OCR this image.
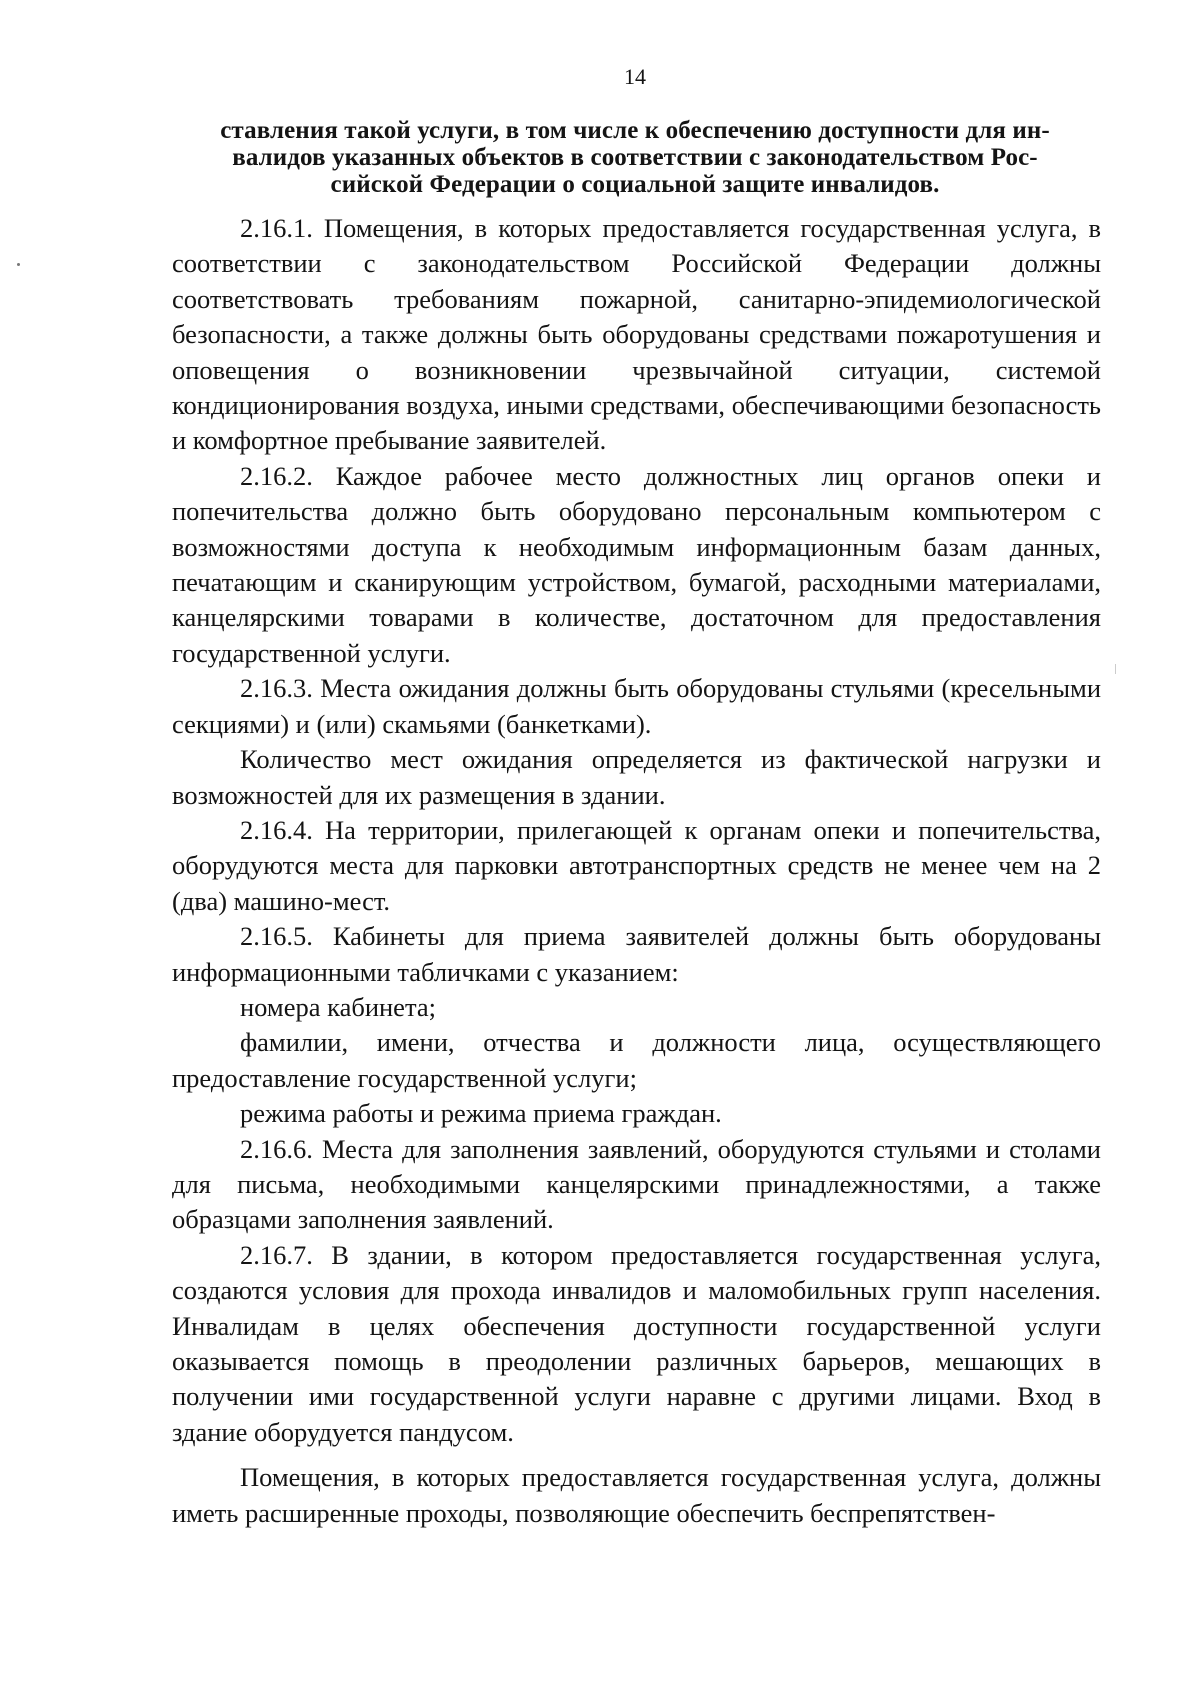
14
ставления такой услуги, в том числе к обеспечению доступности для ин-
валидов указанных объектов в соответствии с законодательством Рос-
сийской Федерации о социальной защите инвалидов.

2.16.1. Помещения, в которых предоставляется государственная услуга, в соответствии с законодательством Российской Федерации должны соответствовать требованиям пожарной, санитарно-эпидемиологической безопасности, а также должны быть оборудованы средствами пожаротушения и оповещения о возникновении чрезвычайной ситуации, системой кондиционирования воздуха, иными средствами, обеспечивающими безопасность и комфортное пребывание заявителей.

2.16.2. Каждое рабочее место должностных лиц органов опеки и попечительства должно быть оборудовано персональным компьютером с возможностями доступа к необходимым информационным базам данных, печатающим и сканирующим устройством, бумагой, расходными материалами, канцелярскими товарами в количестве, достаточном для предоставления государственной услуги.

2.16.3. Места ожидания должны быть оборудованы стульями (кресельными секциями) и (или) скамьями (банкетками).

Количество мест ожидания определяется из фактической нагрузки и возможностей для их размещения в здании.

2.16.4. На территории, прилегающей к органам опеки и попечительства, оборудуются места для парковки автотранспортных средств не менее чем на 2 (два) машино-мест.

2.16.5. Кабинеты для приема заявителей должны быть оборудованы информационными табличками с указанием:

номера кабинета;

фамилии, имени, отчества и должности лица, осуществляющего предоставление государственной услуги;

режима работы и режима приема граждан.

2.16.6. Места для заполнения заявлений, оборудуются стульями и столами для письма, необходимыми канцелярскими принадлежностями, а также образцами заполнения заявлений.

2.16.7. В здании, в котором предоставляется государственная услуга, создаются условия для прохода инвалидов и маломобильных групп населения. Инвалидам в целях обеспечения доступности государственной услуги оказывается помощь в преодолении различных барьеров, мешающих в получении ими государственной услуги наравне с другими лицами. Вход в здание оборудуется пандусом.

Помещения, в которых предоставляется государственная услуга, должны иметь расширенные проходы, позволяющие обеспечить беспрепятствен-
